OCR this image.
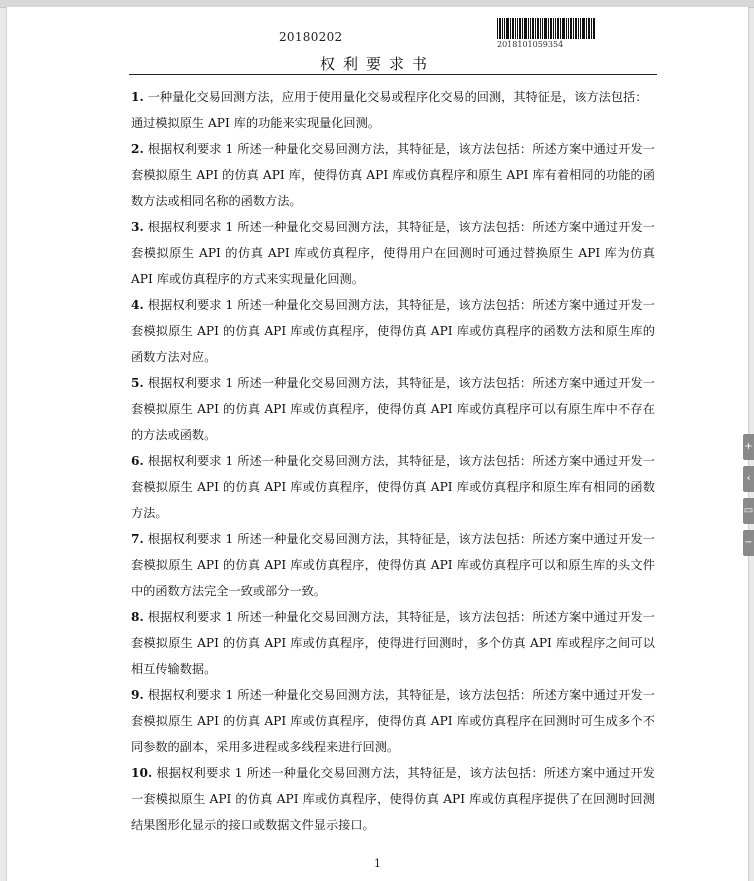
20180202
2018101059354
权利要求书

1. 一种量化交易回测方法，应用于使用量化交易或程序化交易的回测，其特征是，该方法包括：

通过模拟原生 API 库的功能来实现量化回测。

2. 根据权利要求 1 所述一种量化交易回测方法，其特征是，该方法包括：所述方案中通过开发一套模拟原生 API 的仿真 API 库，使得仿真 API 库或仿真程序和原生 API 库有着相同的功能的函数方法或相同名称的函数方法。

3. 根据权利要求 1 所述一种量化交易回测方法，其特征是，该方法包括：所述方案中通过开发一套模拟原生 API 的仿真 API 库或仿真程序，使得用户在回测时可通过替换原生 API 库为仿真 API 库或仿真程序的方式来实现量化回测。

4. 根据权利要求 1 所述一种量化交易回测方法，其特征是，该方法包括：所述方案中通过开发一套模拟原生 API 的仿真 API 库或仿真程序，使得仿真 API 库或仿真程序的函数方法和原生库的函数方法对应。

5. 根据权利要求 1 所述一种量化交易回测方法，其特征是，该方法包括：所述方案中通过开发一套模拟原生 API 的仿真 API 库或仿真程序，使得仿真 API 库或仿真程序可以有原生库中不存在的方法或函数。

6. 根据权利要求 1 所述一种量化交易回测方法，其特征是，该方法包括：所述方案中通过开发一套模拟原生 API 的仿真 API 库或仿真程序，使得仿真 API 库或仿真程序和原生库有相同的函数方法。

7. 根据权利要求 1 所述一种量化交易回测方法，其特征是，该方法包括：所述方案中通过开发一套模拟原生 API 的仿真 API 库或仿真程序，使得仿真 API 库或仿真程序可以和原生库的头文件中的函数方法完全一致或部分一致。

8. 根据权利要求 1 所述一种量化交易回测方法，其特征是，该方法包括：所述方案中通过开发一套模拟原生 API 的仿真 API 库或仿真程序，使得进行回测时，多个仿真 API 库或程序之间可以相互传输数据。

9. 根据权利要求 1 所述一种量化交易回测方法，其特征是，该方法包括：所述方案中通过开发一套模拟原生 API 的仿真 API 库或仿真程序，使得仿真 API 库或仿真程序在回测时可生成多个不同参数的副本，采用多进程或多线程来进行回测。

10. 根据权利要求 1 所述一种量化交易回测方法，其特征是，该方法包括：所述方案中通过开发一套模拟原生 API 的仿真 API 库或仿真程序，使得仿真 API 库或仿真程序提供了在回测时回测结果图形化显示的接口或数据文件显示接口。

1
+
‹
▭
−
